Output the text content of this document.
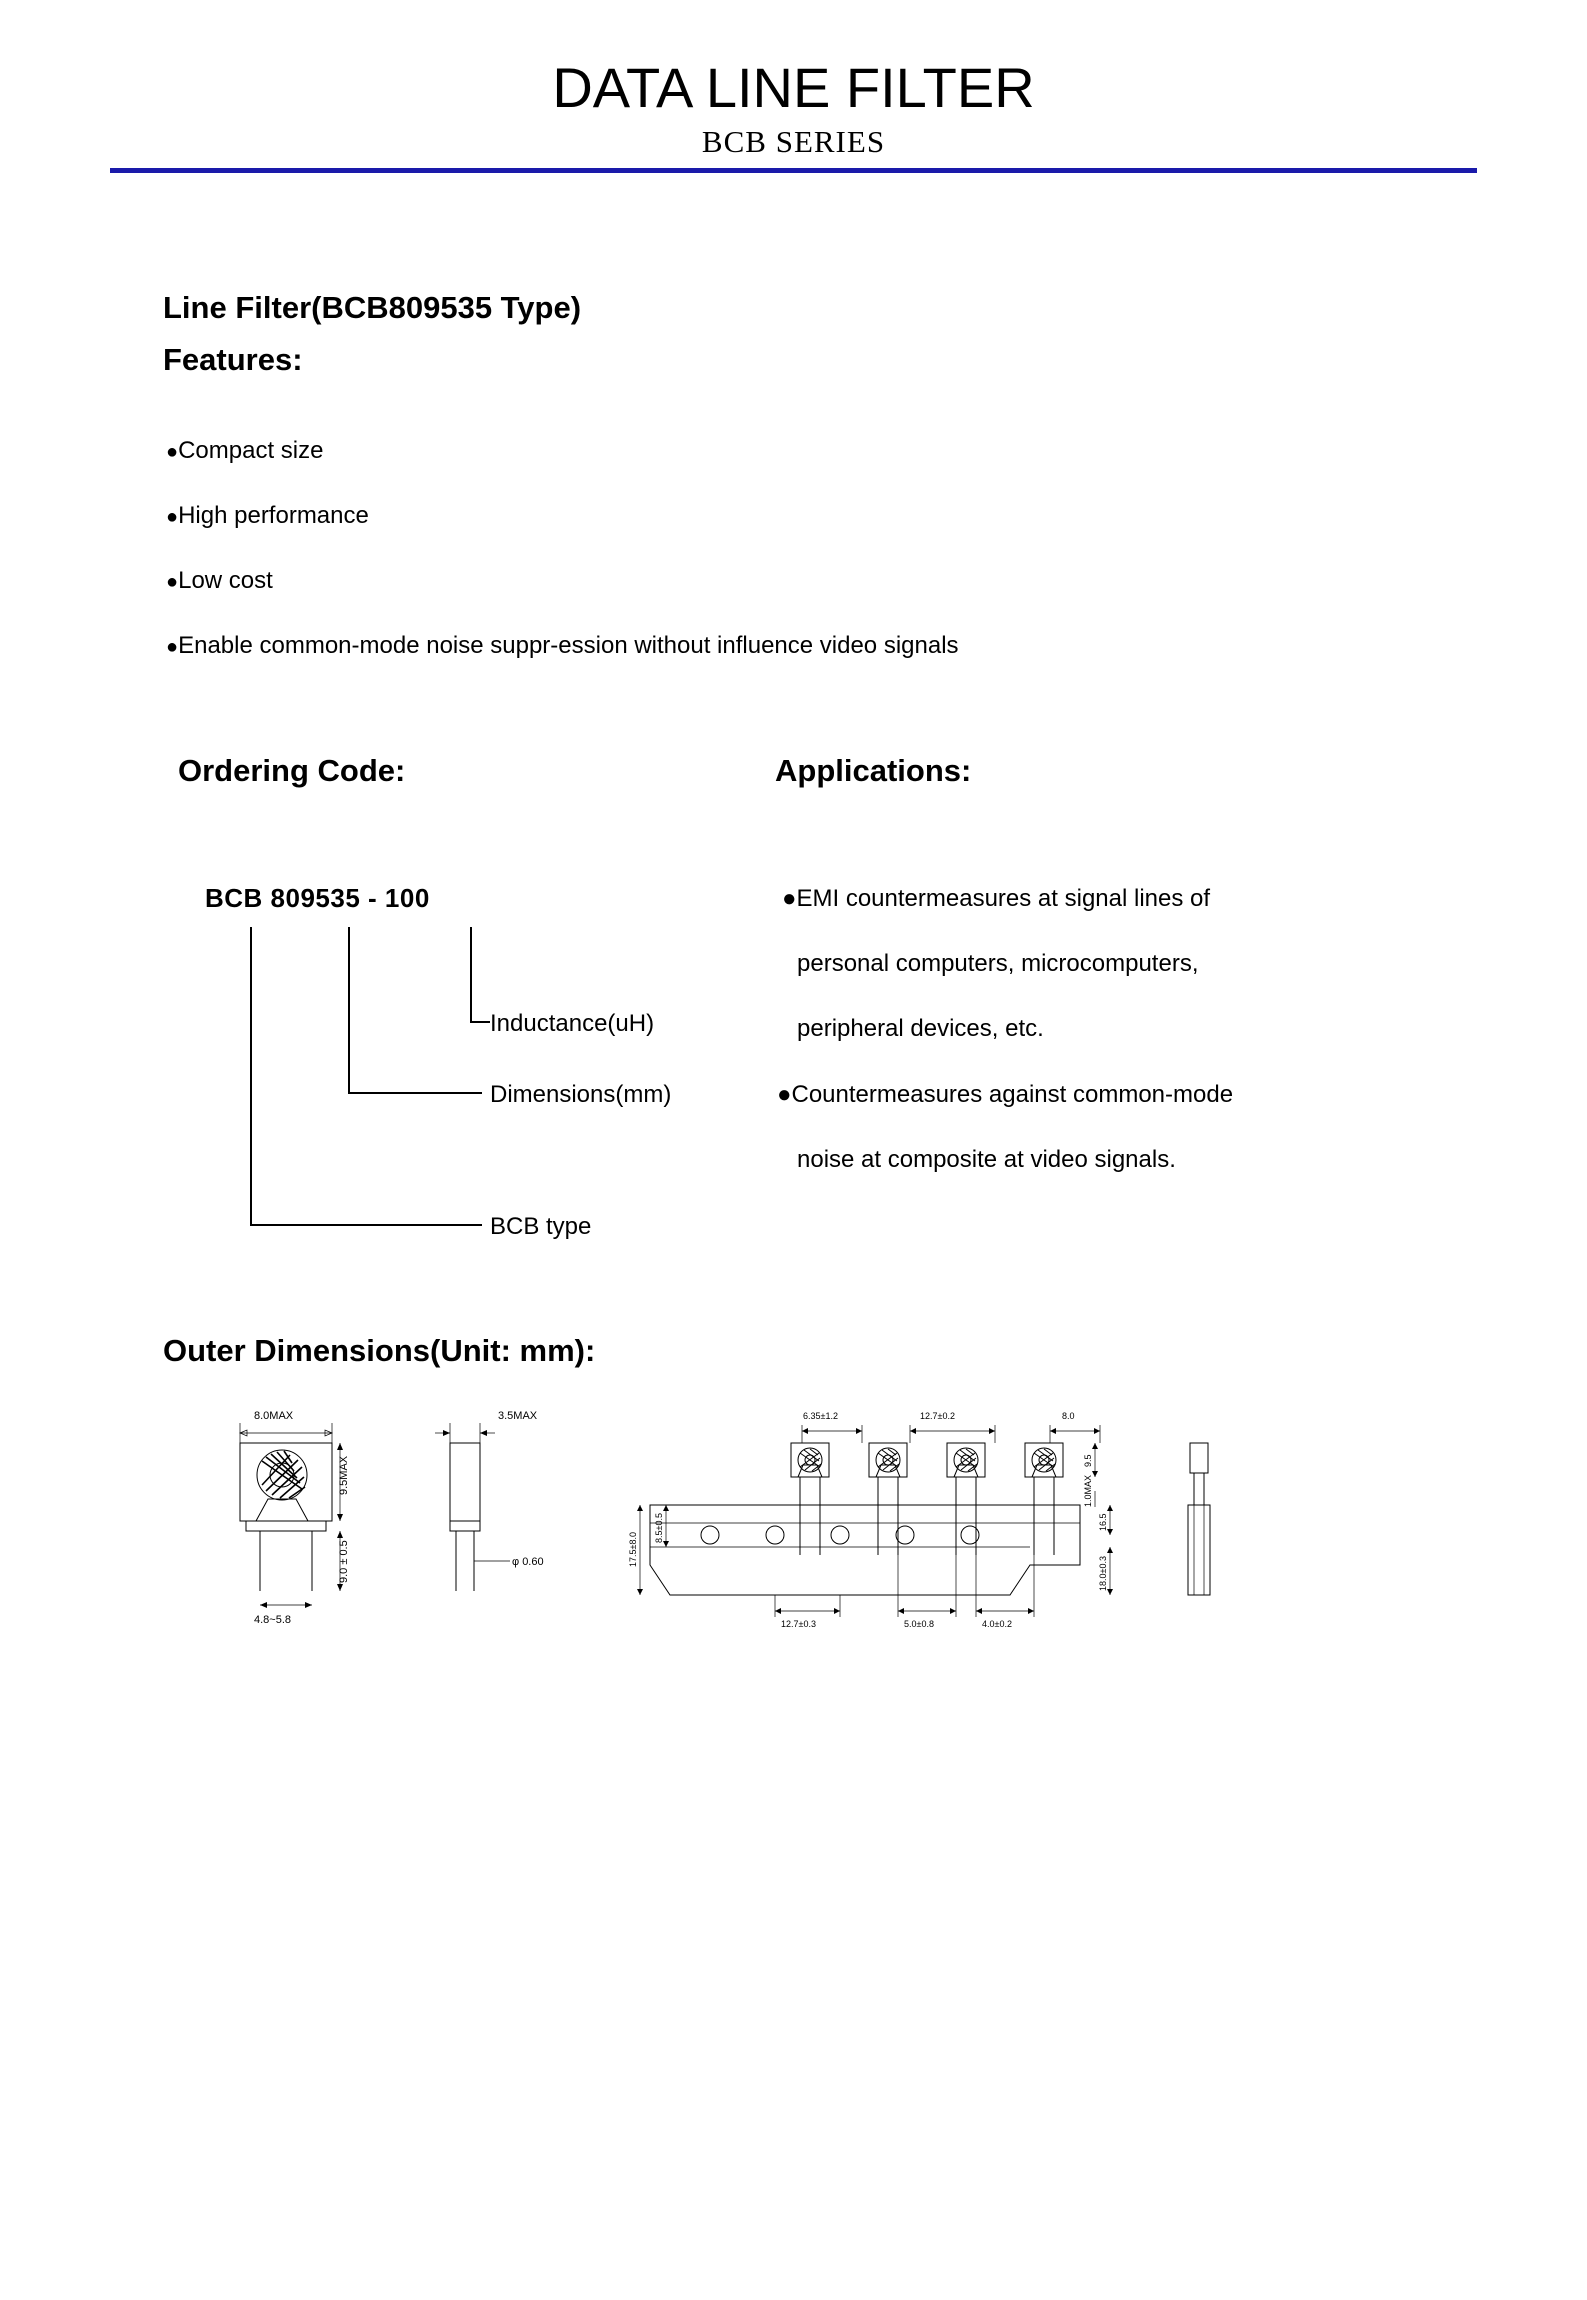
DATA LINE FILTER
BCB SERIES
Line Filter(BCB809535 Type)
Features:
●Compact size
●High performance
●Low cost
●Enable common-mode noise suppr-ession without influence video signals
Ordering Code:
BCB 809535 - 100
Inductance(uH)
Dimensions(mm)
BCB type
Applications:
●EMI countermeasures at signal lines of
personal computers, microcomputers,
peripheral devices, etc.
●Countermeasures against common-mode
noise at composite at video signals.
Outer Dimensions(Unit: mm):
8.0MAX
9.5MAX
9.0 ± 0.5
4.8~5.8
3.5MAX
φ 0.60
6.35±1.2	12.7±0.2	8.0
17.5±8.0
8.5±0.5
9.5
1.0MAX
16.5
18.0±0.3
12.7±0.3	5.0±0.8	4.0±0.2
